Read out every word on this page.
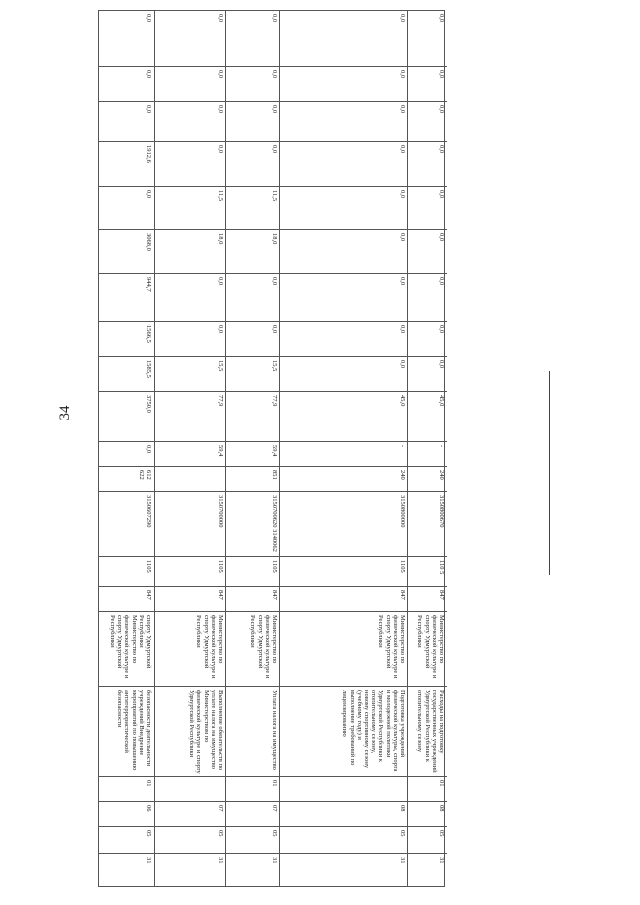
34
0,0
0,0
0,0
1912,6
0,0
3068,0
944,7
1566,5
1585,5
3750,0
0,0
612 622
3150607290
1105
847
спорту Удмуртской Республики Министерство по физической культуре и спорту Удмуртской Республики
безопасности деятельности учреждений Внедрение мероприятий по повышению антитеррористической безопасности
01
06
05
31
0,0
0,0
0,0
0,0
11,5
18,0
0,0
0,0
15,5
77,9
59,4
3150700000
1105
847
Министерство по физической культуре и спорту Удмуртской Республики
Выполнение обязательств по уплате налога на имущество Министерством по физической культуре и спорту Удмуртской Республики
07
05
31
0,0
0,0
0,0
0,0
11,5
18,0
0,0
0,0
15,5
77,9
59,4
851
3150700620 3140062
1105
847
Министерство по физической культуре и спорту Удмуртской Республики
Уплата налога на имущество
01
07
05
31
0,0
0,0
0,0
0,0
0,0
0,0
0,0
0,0
0,0
45,0
-
240
3150800000
1105
847
Министерство по физической культуре и спорту Удмуртской Республики
Подготовка учреждений физической культуры, спорта и молодежной политики Удмуртской Республики к отопительному сезону, новому спортивному сезону (учебному году) и выполнение требований по лицензированию
08
05
31
0,0
0,0
0,0
0,0
0,0
0,0
0,0
0,0
0,0
45,0
-
240
3150800670
110 5
847
Министерство по физической культуре и спорту Удмуртской Республики
Расходы на подготовку государственных учреждений Удмуртской Республики к отопительному сезону
01
08
05
31
